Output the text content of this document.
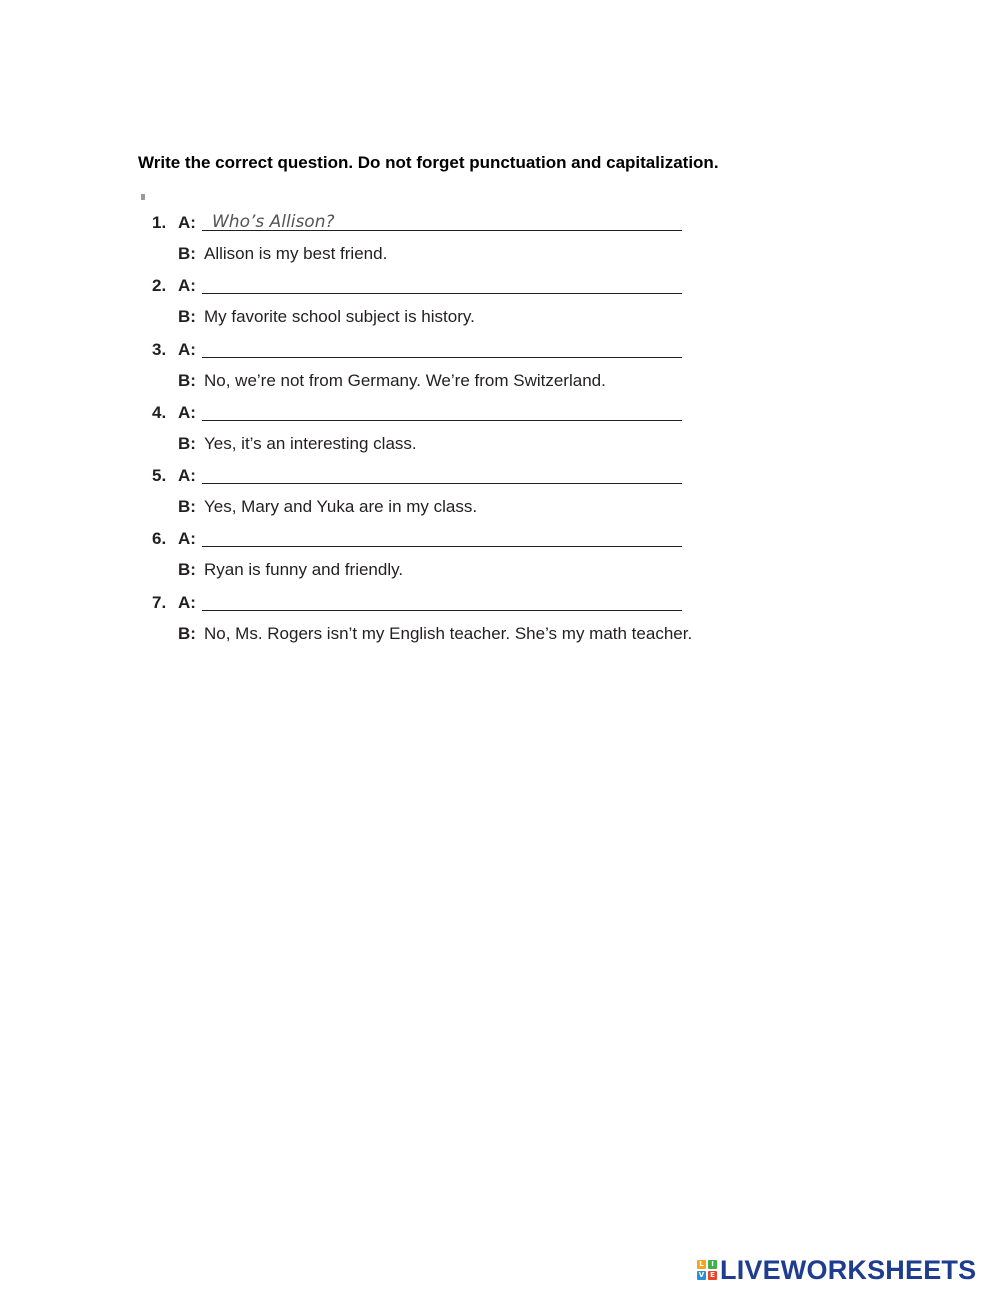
Write the correct question. Do not forget punctuation and capitalization.
1. A: Who’s Allison?
B: Allison is my best friend.
2. A:
B: My favorite school subject is history.
3. A:
B: No, we’re not from Germany. We’re from Switzerland.
4. A:
B: Yes, it’s an interesting class.
5. A:
B: Yes, Mary and Yuka are in my class.
6. A:
B: Ryan is funny and friendly.
7. A:
B: No, Ms. Rogers isn’t my English teacher. She’s my math teacher.
L	I
V E LIVEWORKSHEETS
